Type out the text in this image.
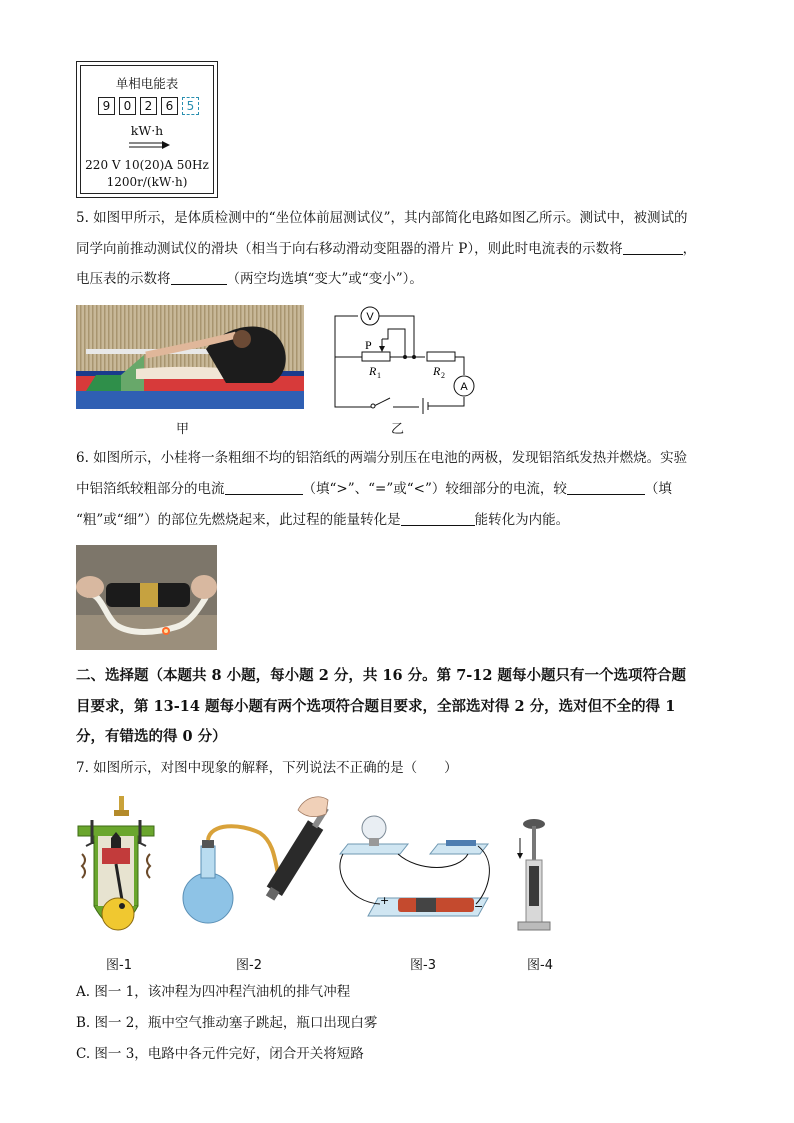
单相电能表
9	0	2	6	5
kW·h
220 V 10(20)A 50Hz
1200r/(kW·h)
5. 如图甲所示，是体质检测中的“坐位体前屈测试仪”，其内部简化电路如图乙所示。测试中，被测试的
同学向前推动测试仪的滑块（相当于向右移动滑动变阻器的滑片 P），则此时电流表的示数将	，
电压表的示数将	（两空均选填“变大”或“变小”）。
甲
V
A
P
R 1	R 2
乙
6. 如图所示，小桂将一条粗细不均的铝箔纸的两端分别压在电池的两极，发现铝箔纸发热并燃烧。实验
中铝箔纸较粗部分的电流	（填“>”、“=”或“<”）较细部分的电流，较	（填
“粗”或“细”）的部位先燃烧起来，此过程的能量转化是	能转化为内能。
二、选择题（本题共 8 小题，每小题 2 分，共 16 分。第 7-12 题每小题只有一个选项符合题
目要求，第 13-14 题每小题有两个选项符合题目要求，全部选对得 2 分，选对但不全的得 1
分，有错选的得 0 分）
7. 如图所示，对图中现象的解释，下列说法不正确的是（　　）
+	−
图-1	图-2	图-3	图-4
A. 图一 1，该冲程为四冲程汽油机的排气冲程
B. 图一 2，瓶中空气推动塞子跳起，瓶口出现白雾
C. 图一 3，电路中各元件完好，闭合开关将短路
